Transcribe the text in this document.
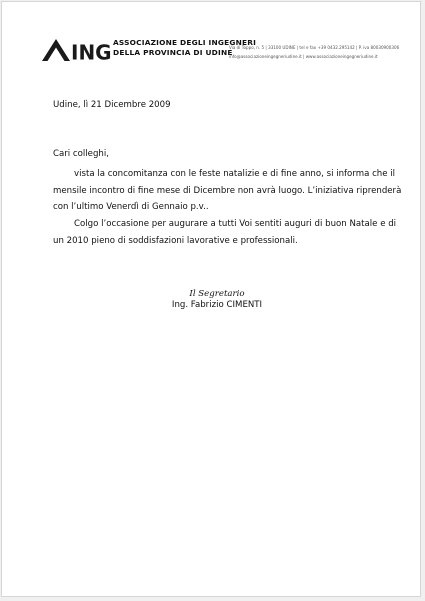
ING ASSOCIAZIONE DEGLI INGEGNERI
DELLA PROVINCIA DI UDINE
Via di Toppo, n. 5 | 33100 UDINE | tel e fax +39 0432.295142 | P. iva 80030900306
info@associazioneingegneriudine.it | www.associazioneingegneriudine.it
Udine, lì 21 Dicembre 2009
Cari colleghi,
vista la concomitanza con le feste natalizie e di fine anno, si informa che il
mensile incontro di fine mese di Dicembre non avrà luogo. L’iniziativa riprenderà
con l’ultimo Venerdì di Gennaio p.v..
Colgo l’occasione per augurare a tutti Voi sentiti auguri di buon Natale e di
un 2010 pieno di soddisfazioni lavorative e professionali.
Il Segretario
Ing. Fabrizio CIMENTI
